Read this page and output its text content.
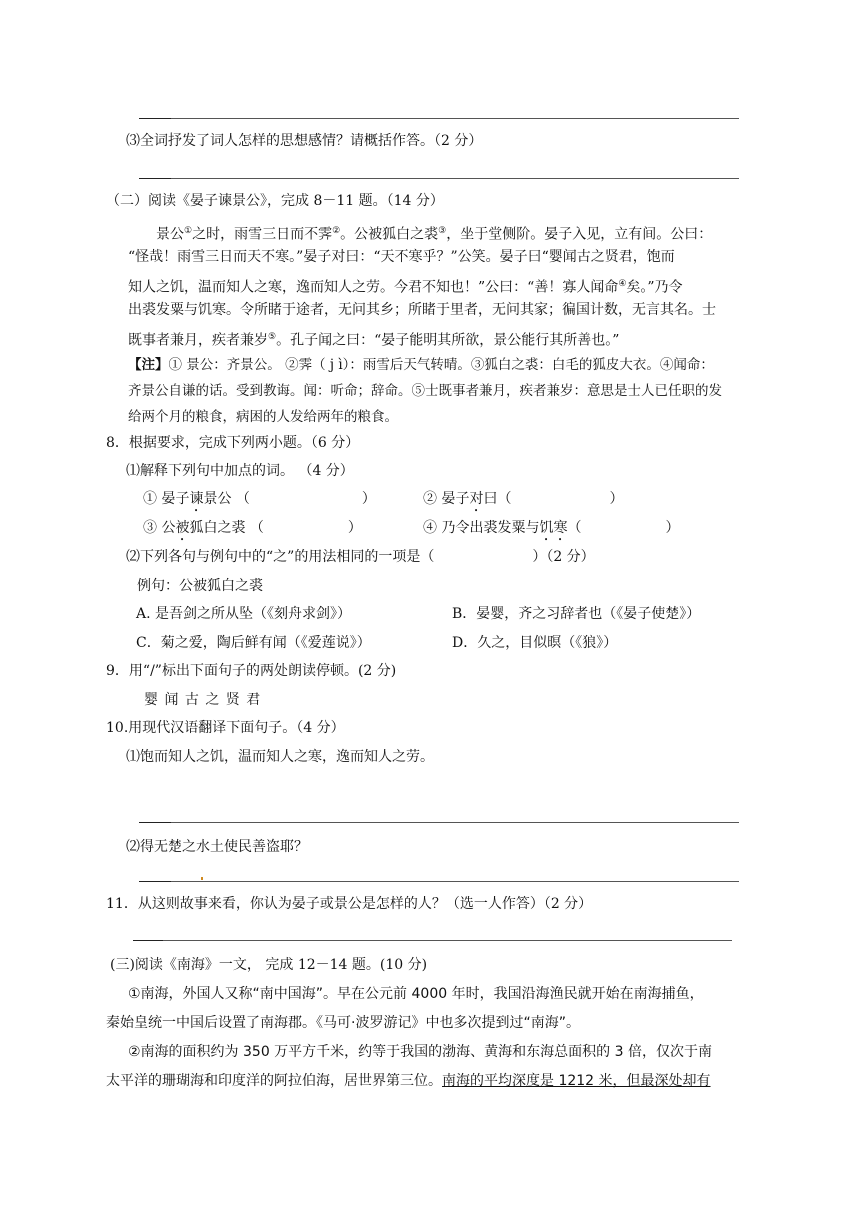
⑶全词抒发了词人怎样的思想感情？请概括作答。（2 分）
（二）阅读《晏子谏景公》，完成 8－11 题。（14 分）
景公①之时，雨雪三日而不霁②。公被狐白之裘③，坐于堂侧阶。晏子入见，立有间。公曰：
“怪哉！雨雪三日而天不寒。”晏子对曰：“天不寒乎？”公笑。晏子曰“婴闻古之贤君，饱而
知人之饥，温而知人之寒，逸而知人之劳。今君不知也！”公曰：“善！寡人闻命④矣。”乃令
出裘发粟与饥寒。令所睹于途者，无问其乡；所睹于里者，无问其家；徧国计数，无言其名。士
既事者兼月，疾者兼岁⑤。孔子闻之曰：“晏子能明其所欲，景公能行其所善也。”
【注】① 景公：齐景公。 ②霁（ j ì）：雨雪后天气转晴。③狐白之裘：白毛的狐皮大衣。④闻命：
齐景公自谦的话。受到教诲。闻：听命；辞命。⑤士既事者兼月，疾者兼岁：意思是士人已任职的发
给两个月的粮食，病困的人发给两年的粮食。
8．根据要求，完成下列两小题。（6 分）
⑴解释下列句中加点的词。 （4 分）
① 晏子谏景公 （　　　　　　　　）	② 晏子对曰（　　　　　　　）
③ 公被狐白之裘 （　　　　　　）	④ 乃令出裘发粟与饥寒（　　　　　　）
⑵下列各句与例句中的“之”的用法相同的一项是（　　　　　　　）（2 分）
例句：公被狐白之裘
A. 是吾剑之所从坠（《刻舟求剑》）	B．晏婴，齐之习辞者也（《晏子使楚》）
C．菊之爱，陶后鲜有闻（《爱莲说》）	D．久之，目似暝（《狼》）
9．用“/”标出下面句子的两处朗读停顿。(2 分)
婴 闻 古 之 贤 君
10.用现代汉语翻译下面句子。（4 分）
⑴饱而知人之饥，温而知人之寒，逸而知人之劳。
⑵得无楚之水土使民善盗耶？
11．从这则故事来看，你认为晏子或景公是怎样的人？（选一人作答）（2 分）
(三)阅读《南海》一文， 完成 12－14 题。(10 分)
①南海，外国人又称“南中国海”。早在公元前 4000 年时，我国沿海渔民就开始在南海捕鱼，
秦始皇统一中国后设置了南海郡。《马可·波罗游记》中也多次提到过“南海”。
②南海的面积约为 350 万平方千米，约等于我国的渤海、黄海和东海总面积的 3 倍，仅次于南
太平洋的珊瑚海和印度洋的阿拉伯海，居世界第三位。南海的平均深度是 1212 米，但最深处却有
